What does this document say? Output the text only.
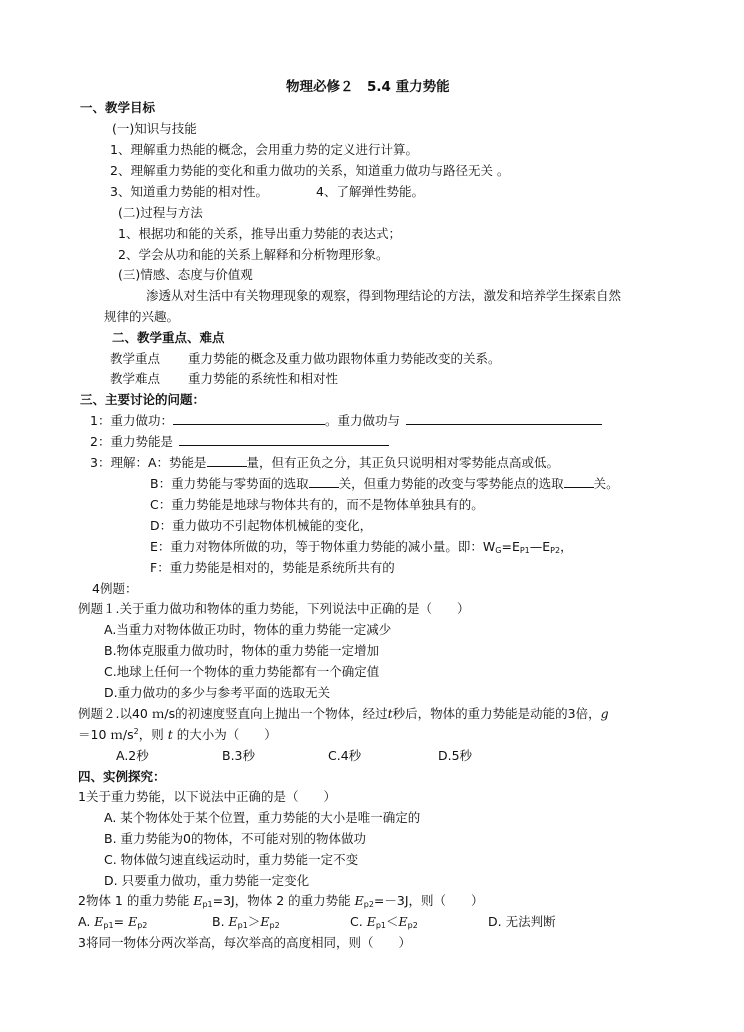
物理必修２　5.4 重力势能
一、教学目标
(一)知识与技能
1、理解重力热能的概念，会用重力势的定义进行计算。
2、理解重力势能的变化和重力做功的关系，知道重力做功与路径无关 。
3、知道重力势能的相对性。	4、了解弹性势能。
(二)过程与方法
1、根据功和能的关系，推导出重力势能的表达式；
2、学会从功和能的关系上解释和分析物理形象。
(三)情感、态度与价值观
渗透从对生活中有关物理现象的观察，得到物理结论的方法，激发和培养学生探索自然
规律的兴趣。
二、教学重点、难点
教学重点 重力势能的概念及重力做功跟物体重力势能改变的关系。
教学难点 重力势能的系统性和相对性
三、主要讨论的问题：
1：重力做功：	。重力做功与
2：重力势能是
3：理解：A：势能是	量，但有正负之分，其正负只说明相对零势能点高或低。
B：重力势能与零势面的选取 关，但重力势能的改变与零势能点的选取 关。
C：重力势能是地球与物体共有的，而不是物体单独具有的。
D：重力做功不引起物体机械能的变化，
E：重力对物体所做的功，等于物体重力势能的减小量。即：$W_G=E_{P1}—E_{P2}$，
F：重力势能是相对的，势能是系统所共有的
4例题：
例题１.关于重力做功和物体的重力势能，下列说法中正确的是（　　）
A.当重力对物体做正功时，物体的重力势能一定减少
B.物体克服重力做功时，物体的重力势能一定增加
C.地球上任何一个物体的重力势能都有一个确定值
D.重力做功的多少与参考平面的选取无关
例题２.以40 ｍ/s的初速度竖直向上抛出一个物体，经过t秒后，物体的重力势能是动能的3倍，g
＝10 $m/s^2$，则 t 的大小为（　　）
A.2秒	B.3秒	C.4秒	D.5秒
四、实例探究：
1关于重力势能，以下说法中正确的是（　　）
A. 某个物体处于某个位置，重力势能的大小是唯一确定的
B. 重力势能为0的物体，不可能对别的物体做功
C. 物体做匀速直线运动时，重力势能一定不变
D. 只要重力做功，重力势能一定变化
2物体 1 的重力势能 $E_{p1}=3J$，物体 2 的重力势能 $E_{p2}=-3J$，则（　　）
A. $E_{p1}= E_{p2}$	B. $E_{p1}>E_{p2}$	C. $E_{p1}<E_{p2}$	D. 无法判断
3将同一物体分两次举高，每次举高的高度相同，则（　　）
